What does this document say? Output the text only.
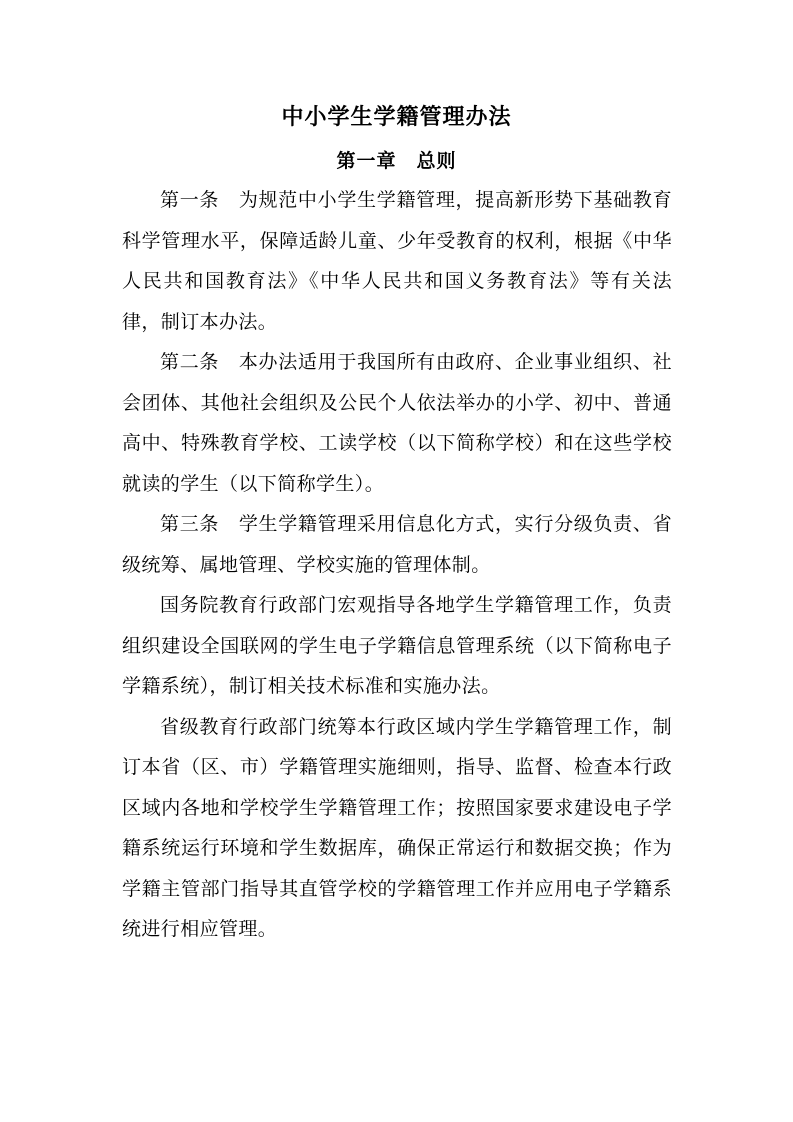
中小学生学籍管理办法
第一章　总则

第一条　为规范中小学生学籍管理，提高新形势下基础教育科学管理水平，保障适龄儿童、少年受教育的权利，根据《中华人民共和国教育法》《中华人民共和国义务教育法》等有关法律，制订本办法。

第二条　本办法适用于我国所有由政府、企业事业组织、社会团体、其他社会组织及公民个人依法举办的小学、初中、普通高中、特殊教育学校、工读学校（以下简称学校）和在这些学校就读的学生（以下简称学生）。

第三条　学生学籍管理采用信息化方式，实行分级负责、省级统筹、属地管理、学校实施的管理体制。

国务院教育行政部门宏观指导各地学生学籍管理工作，负责组织建设全国联网的学生电子学籍信息管理系统（以下简称电子学籍系统），制订相关技术标准和实施办法。

省级教育行政部门统筹本行政区域内学生学籍管理工作，制订本省（区、市）学籍管理实施细则，指导、监督、检查本行政区域内各地和学校学生学籍管理工作；按照国家要求建设电子学籍系统运行环境和学生数据库，确保正常运行和数据交换；作为学籍主管部门指导其直管学校的学籍管理工作并应用电子学籍系统进行相应管理。
